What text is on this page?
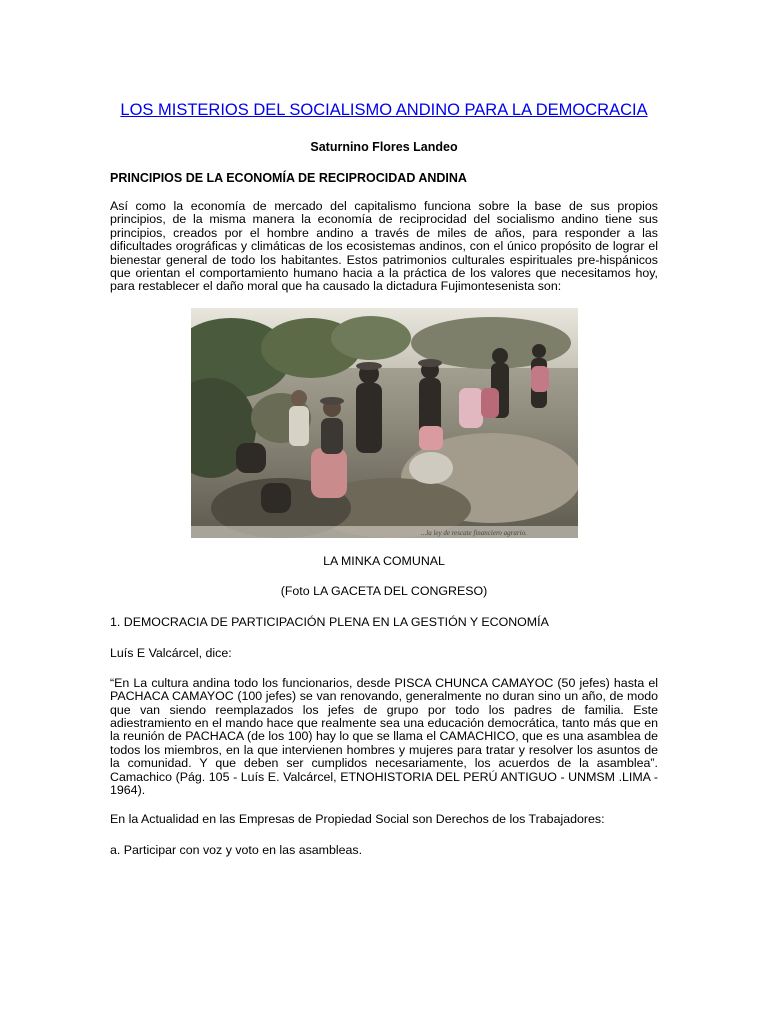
LOS MISTERIOS DEL SOCIALISMO ANDINO PARA LA DEMOCRACIA
Saturnino Flores Landeo
PRINCIPIOS DE LA ECONOMÍA DE RECIPROCIDAD ANDINA

Así como la economía de mercado del capitalismo funciona sobre la base de sus propios principios, de la misma manera la economía de reciprocidad del socialismo andino tiene sus principios, creados por el hombre andino a través de miles de años, para responder a las dificultades orográficas y climáticas de los ecosistemas andinos, con el único propósito de lograr el bienestar general de todo los habitantes. Estos patrimonios culturales espirituales pre-hispánicos que orientan el comportamiento humano hacia a la práctica de los valores que necesitamos hoy, para restablecer el daño moral que ha causado la dictadura Fujimontesenista son:

...la ley de rescate financiero agrario.
LA MINKA COMUNAL
(Foto LA GACETA DEL CONGRESO)

1. DEMOCRACIA DE PARTICIPACIÓN PLENA EN LA GESTIÓN Y ECONOMÍA

Luís E Valcárcel, dice:

“En La cultura andina todo los funcionarios, desde PISCA CHUNCA CAMAYOC (50 jefes) hasta el PACHACA CAMAYOC (100 jefes) se van renovando, generalmente no duran sino un año, de modo que van siendo reemplazados los jefes de grupo por todo los padres de familia. Este adiestramiento en el mando hace que realmente sea una educación democrática, tanto más que en la reunión de PACHACA (de los 100) hay lo que se llama el CAMACHICO, que es una asamblea de todos los miembros, en la que intervienen hombres y mujeres para tratar y resolver los asuntos de la comunidad. Y que deben ser cumplidos necesariamente, los acuerdos de la asamblea”. Camachico (Pág. 105 - Luís E. Valcárcel, ETNOHISTORIA DEL PERÚ ANTIGUO - UNMSM .LIMA - 1964).

En la Actualidad en las Empresas de Propiedad Social son Derechos de los Trabajadores:

a. Participar con voz y voto en las asambleas.
